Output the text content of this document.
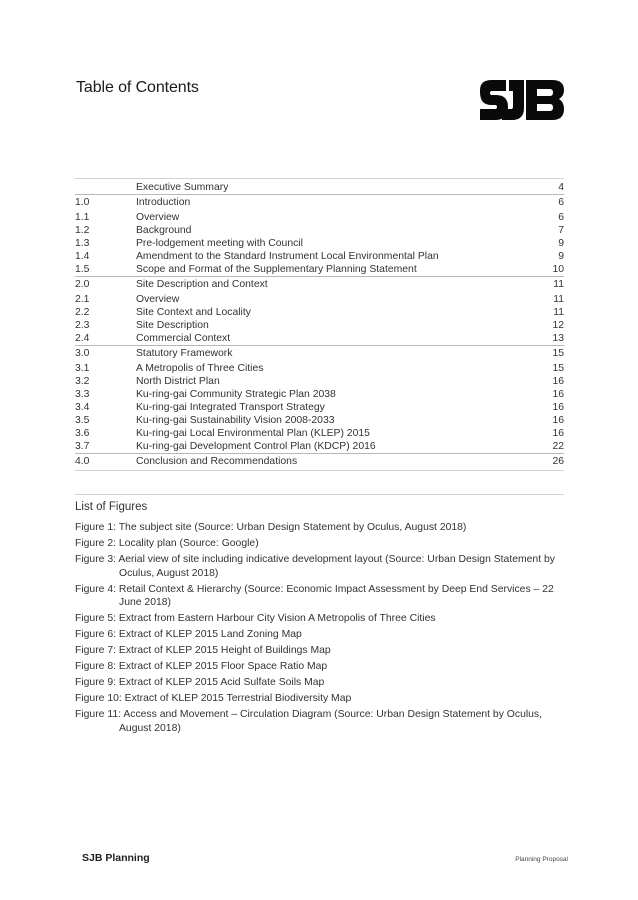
Table of Contents
Executive Summary	4
1.0	Introduction	6
1.1	Overview	6
1.2	Background	7
1.3	Pre-lodgement meeting with Council	9
1.4	Amendment to the Standard Instrument Local Environmental Plan	9
1.5	Scope and Format of the Supplementary Planning Statement	10
2.0	Site Description and Context	11
2.1	Overview	11
2.2	Site Context and Locality	11
2.3	Site Description	12
2.4	Commercial Context	13
3.0	Statutory Framework	15
3.1	A Metropolis of Three Cities	15
3.2	North District Plan	16
3.3	Ku-ring-gai Community Strategic Plan 2038	16
3.4	Ku-ring-gai Integrated Transport Strategy	16
3.5	Ku-ring-gai Sustainability Vision 2008-2033	16
3.6	Ku-ring-gai Local Environmental Plan (KLEP) 2015	16
3.7	Ku-ring-gai Development Control Plan (KDCP) 2016	22
4.0	Conclusion and Recommendations	26
List of Figures
Figure 1: The subject site (Source: Urban Design Statement by Oculus, August 2018)
Figure 2: Locality plan (Source: Google)
Figure 3: Aerial view of site including indicative development layout (Source: Urban Design Statement by Oculus, August 2018)
Figure 4: Retail Context & Hierarchy (Source: Economic Impact Assessment by Deep End Services – 22 June 2018)
Figure 5: Extract from Eastern Harbour City Vision A Metropolis of Three Cities
Figure 6: Extract of KLEP 2015 Land Zoning Map
Figure 7: Extract of KLEP 2015 Height of Buildings Map
Figure 8: Extract of KLEP 2015 Floor Space Ratio Map
Figure 9: Extract of KLEP 2015 Acid Sulfate Soils Map
Figure 10: Extract of KLEP 2015 Terrestrial Biodiversity Map
Figure 11: Access and Movement – Circulation Diagram (Source: Urban Design Statement by Oculus, August 2018)
SJB Planning	Planning Proposal
